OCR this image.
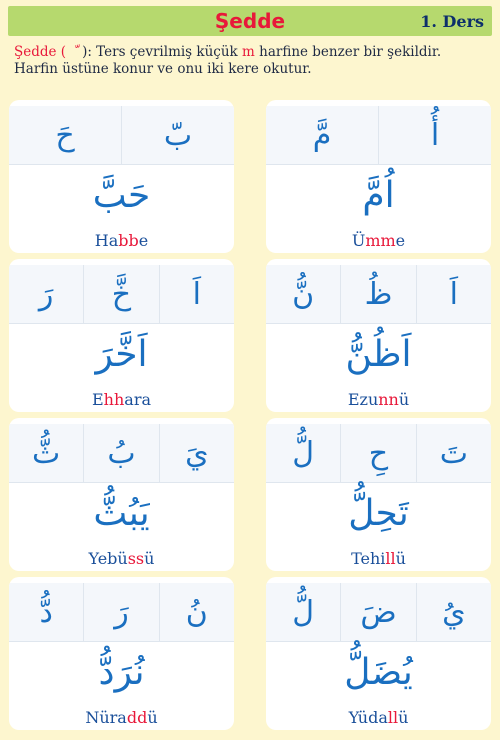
Şedde	1. Ders
Şedde ( ): Ters çevrilmiş küçük m harfine benzer bir şekildir.
Harfin üstüne konur ve onu iki kere okutur.
حَ	بّ
حَبَّ
Habbe
مَّ	أُ
اُمَّ
Ümme
رَ	خَّ	اَ
اَخَّرَ
Ehhara
نُّ	ظُ	اَ
اَظُنُّ
Ezunnü
ثُّ	بُ	يَ
يَبُثُّ
Yebüssü
لُّ	حِ	تَ
تَحِلُّ
Tehillü
دُّ	رَ	نُ
نُرَدُّ
Nüraddü
لُّ	ضَ	يُ
يُضَلُّ
Yüdallü
